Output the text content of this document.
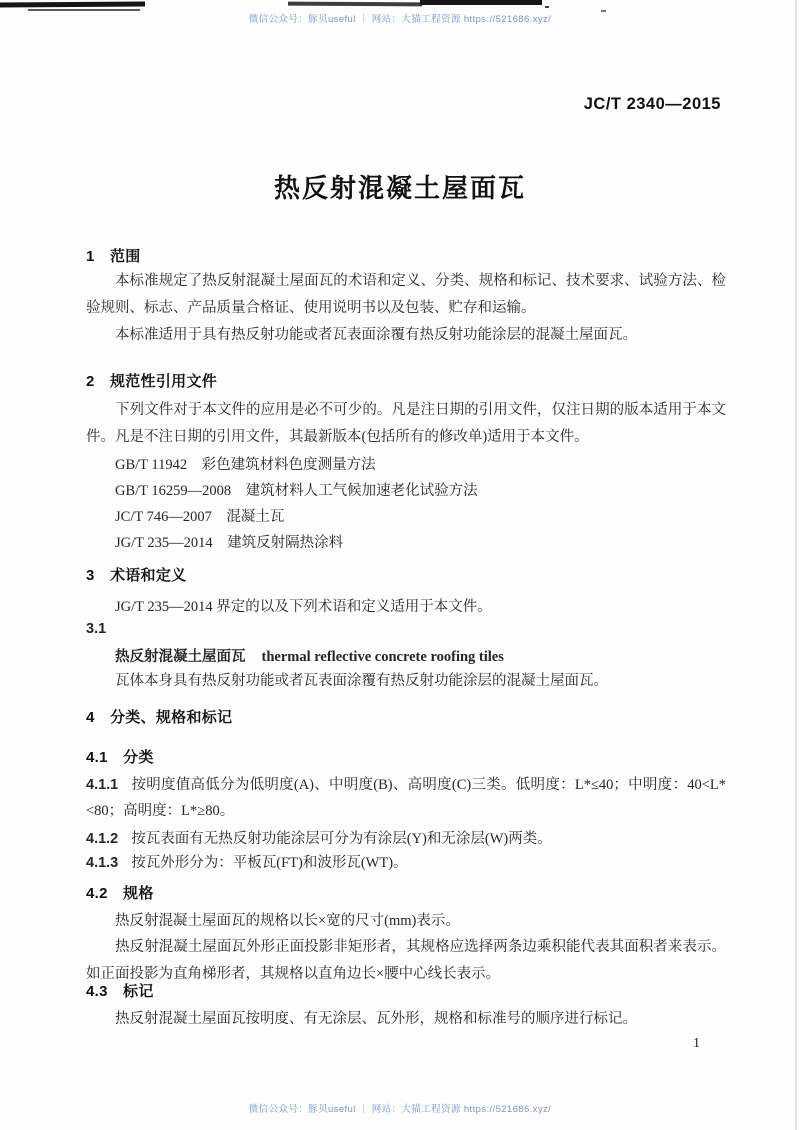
微信公众号：豚贝useful ｜ 网站：大猫工程资源 https://521686.xyz/
微信公众号：豚贝useful ｜ 网站：大猫工程资源 https://521686.xyz/
JC/T 2340—2015
热反射混凝土屋面瓦
1　范围
本标准规定了热反射混凝土屋面瓦的术语和定义、分类、规格和标记、技术要求、试验方法、检验规则、标志、产品质量合格证、使用说明书以及包装、贮存和运输。
本标准适用于具有热反射功能或者瓦表面涂覆有热反射功能涂层的混凝土屋面瓦。
2　规范性引用文件
下列文件对于本文件的应用是必不可少的。凡是注日期的引用文件，仅注日期的版本适用于本文件。凡是不注日期的引用文件，其最新版本(包括所有的修改单)适用于本文件。
GB/T 11942　彩色建筑材料色度测量方法
GB/T 16259—2008　建筑材料人工气候加速老化试验方法
JC/T 746—2007　混凝土瓦
JG/T 235—2014　建筑反射隔热涂料
3　术语和定义
JG/T 235—2014 界定的以及下列术语和定义适用于本文件。
3.1
热反射混凝土屋面瓦 thermal reflective concrete roofing tiles
瓦体本身具有热反射功能或者瓦表面涂覆有热反射功能涂层的混凝土屋面瓦。
4　分类、规格和标记
4.1　分类
4.1.1 按明度值高低分为低明度(A)、中明度(B)、高明度(C)三类。低明度：L*≤40；中明度：40<L*<80；高明度：L*≥80。
4.1.2 按瓦表面有无热反射功能涂层可分为有涂层(Y)和无涂层(W)两类。
4.1.3 按瓦外形分为：平板瓦(FT)和波形瓦(WT)。
4.2　规格
热反射混凝土屋面瓦的规格以长×宽的尺寸(mm)表示。
热反射混凝土屋面瓦外形正面投影非矩形者，其规格应选择两条边乘积能代表其面积者来表示。如正面投影为直角梯形者，其规格以直角边长×腰中心线长表示。
4.3　标记
热反射混凝土屋面瓦按明度、有无涂层、瓦外形，规格和标准号的顺序进行标记。
1
